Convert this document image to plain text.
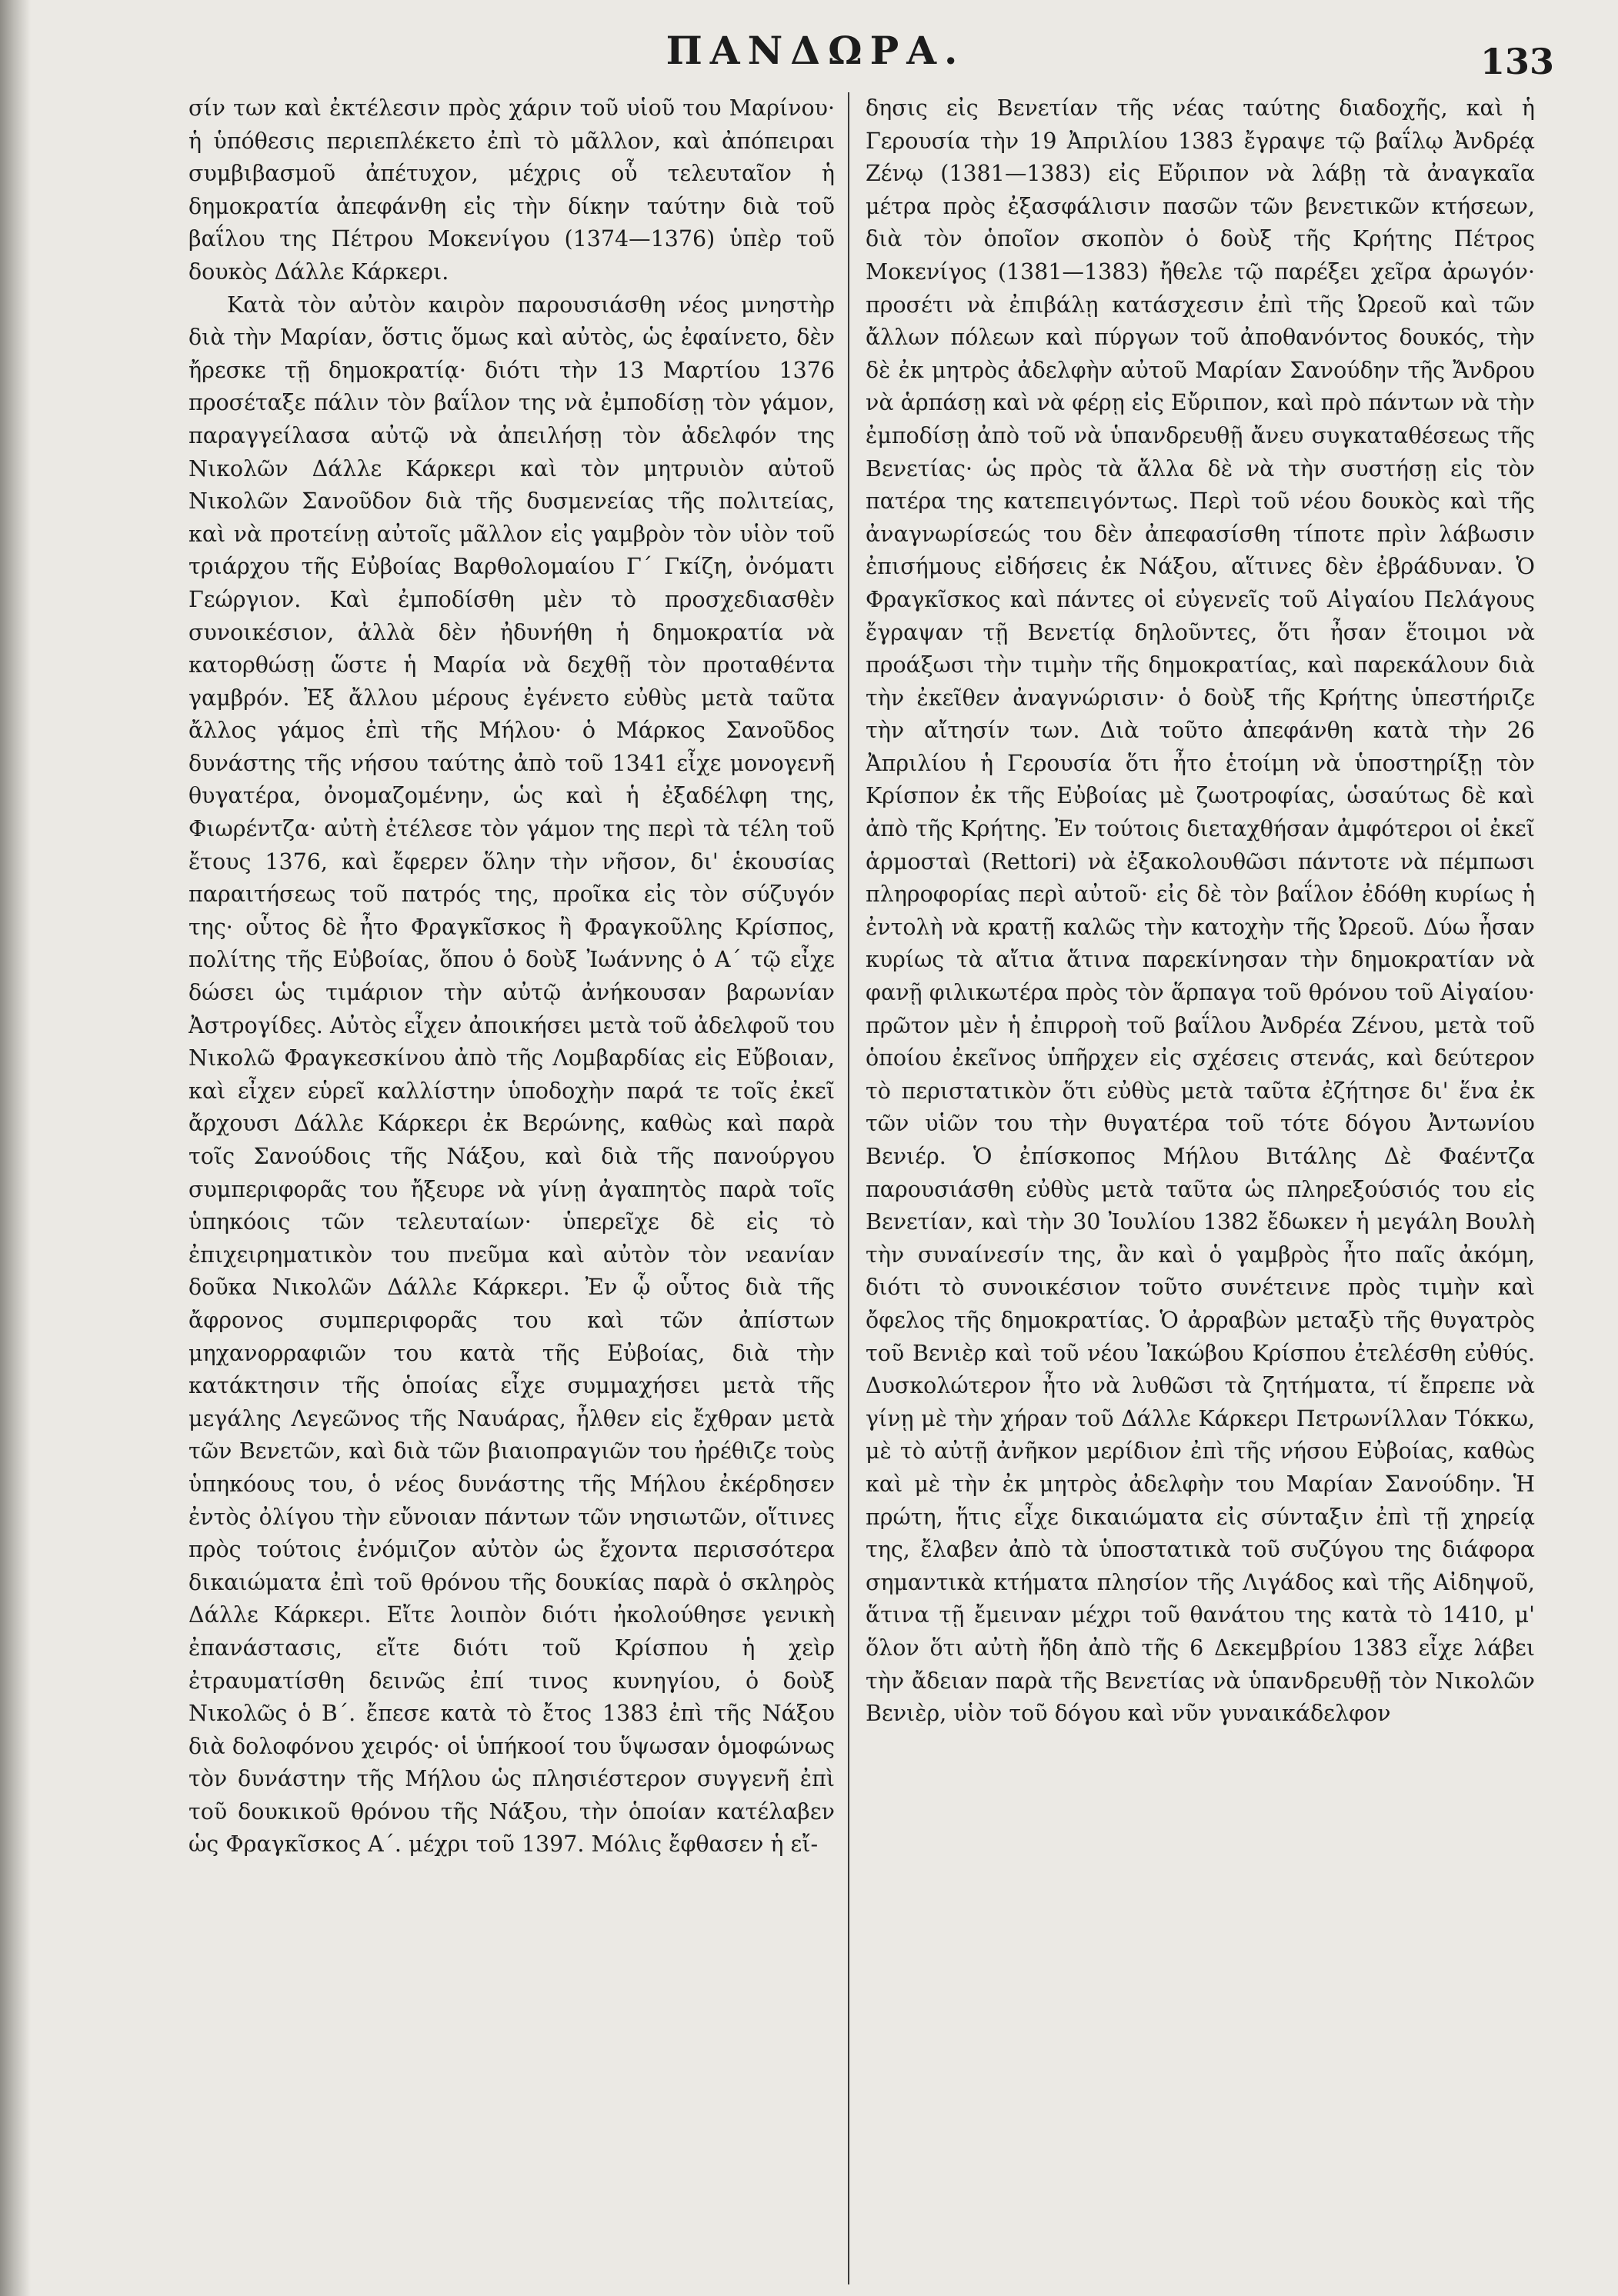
ΠΑΝΔΩΡΑ.	133

σίν των καὶ ἐκτέλεσιν πρὸς χάριν τοῦ υἱοῦ του Μαρίνου· ἡ ὑπόθεσις περιεπλέκετο ἐπὶ τὸ μᾶλλον, καὶ ἀπόπειραι συμβιβασμοῦ ἀπέτυχον, μέχρις οὗ τελευταῖον ἡ δημοκρατία ἀπεφάνθη εἰς τὴν δίκην ταύτην διὰ τοῦ βαΐλου της Πέτρου Μοκενίγου (1374—1376) ὑπὲρ τοῦ δουκὸς Δάλλε Κάρκερι.

Κατὰ τὸν αὐτὸν καιρὸν παρουσιάσθη νέος μνηστὴρ διὰ τὴν Μαρίαν, ὅστις ὅμως καὶ αὐτὸς, ὡς ἐφαίνετο, δὲν ἤρεσκε τῇ δημοκρατίᾳ· διότι τὴν 13 Μαρτίου 1376 προσέταξε πάλιν τὸν βαΐλον της νὰ ἐμποδίσῃ τὸν γάμον, παραγγείλασα αὐτῷ νὰ ἀπειλήσῃ τὸν ἀδελφόν της Νικολῶν Δάλλε Κάρκερι καὶ τὸν μητρυιὸν αὐτοῦ Νικολῶν Σανοῦδον διὰ τῆς δυσμενείας τῆς πολιτείας, καὶ νὰ προτείνῃ αὐτοῖς μᾶλλον εἰς γαμβρὸν τὸν υἱὸν τοῦ τριάρχου τῆς Εὐβοίας Βαρθολομαίου Γ΄ Γκίζη, ὀνόματι Γεώργιον. Καὶ ἐμποδίσθη μὲν τὸ προσχεδιασθὲν συνοικέσιον, ἀλλὰ δὲν ἠδυνήθη ἡ δημοκρατία νὰ κατορθώσῃ ὥστε ἡ Μαρία νὰ δεχθῇ τὸν προταθέντα γαμβρόν. Ἐξ ἄλλου μέρους ἐγένετο εὐθὺς μετὰ ταῦτα ἄλλος γάμος ἐπὶ τῆς Μήλου· ὁ Μάρκος Σανοῦδος δυνάστης τῆς νήσου ταύτης ἀπὸ τοῦ 1341 εἶχε μονογενῆ θυγατέρα, ὀνομαζομένην, ὡς καὶ ἡ ἐξαδέλφη της, Φιωρέντζα· αὐτὴ ἐτέλεσε τὸν γάμον της περὶ τὰ τέλη τοῦ ἔτους 1376, καὶ ἔφερεν ὅλην τὴν νῆσον, δι' ἑκουσίας παραιτήσεως τοῦ πατρός της, προῖκα εἰς τὸν σύζυγόν της· οὗτος δὲ ἦτο Φραγκῖσκος ἢ Φραγκοῦλης Κρίσπος, πολίτης τῆς Εὐβοίας, ὅπου ὁ δοὺξ Ἰωάννης ὁ Α΄ τῷ εἶχε δώσει ὡς τιμάριον τὴν αὐτῷ ἀνήκουσαν βαρωνίαν Ἀστρογίδες. Αὐτὸς εἶχεν ἀποικήσει μετὰ τοῦ ἀδελφοῦ του Νικολῶ Φραγκεσκίνου ἀπὸ τῆς Λομβαρδίας εἰς Εὔβοιαν, καὶ εἶχεν εὑρεῖ καλλίστην ὑποδοχὴν παρά τε τοῖς ἐκεῖ ἄρχουσι Δάλλε Κάρκερι ἐκ Βερώνης, καθὼς καὶ παρὰ τοῖς Σανούδοις τῆς Νάξου, καὶ διὰ τῆς πανούργου συμπεριφορᾶς του ἤξευρε νὰ γίνῃ ἀγαπητὸς παρὰ τοῖς ὑπηκόοις τῶν τελευταίων· ὑπερεῖχε δὲ εἰς τὸ ἐπιχειρηματικὸν του πνεῦμα καὶ αὐτὸν τὸν νεανίαν δοῦκα Νικολῶν Δάλλε Κάρκερι. Ἐν ᾧ οὗτος διὰ τῆς ἄφρονος συμπεριφορᾶς του καὶ τῶν ἀπίστων μηχανορραφιῶν του κατὰ τῆς Εὐβοίας, διὰ τὴν κατάκτησιν τῆς ὁποίας εἶχε συμμαχήσει μετὰ τῆς μεγάλης Λεγεῶνος τῆς Ναυάρας, ἦλθεν εἰς ἔχθραν μετὰ τῶν Βενετῶν, καὶ διὰ τῶν βιαιοπραγιῶν του ἠρέθιζε τοὺς ὑπηκόους του, ὁ νέος δυνάστης τῆς Μήλου ἐκέρδησεν ἐντὸς ὀλίγου τὴν εὔνοιαν πάντων τῶν νησιωτῶν, οἵτινες πρὸς τούτοις ἐνόμιζον αὐτὸν ὡς ἔχοντα περισσότερα δικαιώματα ἐπὶ τοῦ θρόνου τῆς δουκίας παρὰ ὁ σκληρὸς Δάλλε Κάρκερι. Εἴτε λοιπὸν διότι ἠκολούθησε γενικὴ ἐπανάστασις, εἴτε διότι τοῦ Κρίσπου ἡ χεὶρ ἐτραυματίσθη δεινῶς ἐπί τινος κυνηγίου, ὁ δοὺξ Νικολῶς ὁ Β΄. ἔπεσε κατὰ τὸ ἔτος 1383 ἐπὶ τῆς Νάξου διὰ δολοφόνου χειρός· οἱ ὑπήκοοί του ὕψωσαν ὁμοφώνως τὸν δυνάστην τῆς Μήλου ὡς πλησιέστερον συγγενῆ ἐπὶ τοῦ δουκικοῦ θρόνου τῆς Νάξου, τὴν ὁποίαν κατέλαβεν ὡς Φραγκῖσκος Α΄. μέχρι τοῦ 1397. Μόλις ἔφθασεν ἡ εἴ-

δησις εἰς Βενετίαν τῆς νέας ταύτης διαδοχῆς, καὶ ἡ Γερουσία τὴν 19 Ἀπριλίου 1383 ἔγραψε τῷ βαΐλῳ Ἀνδρέᾳ Ζένῳ (1381—1383) εἰς Εὔριπον νὰ λάβῃ τὰ ἀναγκαῖα μέτρα πρὸς ἐξασφάλισιν πασῶν τῶν βενετικῶν κτήσεων, διὰ τὸν ὁποῖον σκοπὸν ὁ δοὺξ τῆς Κρήτης Πέτρος Μοκενίγος (1381—1383) ἤθελε τῷ παρέξει χεῖρα ἀρωγόν· προσέτι νὰ ἐπιβάλῃ κατάσχεσιν ἐπὶ τῆς Ὠρεοῦ καὶ τῶν ἄλλων πόλεων καὶ πύργων τοῦ ἀποθανόντος δουκός, τὴν δὲ ἐκ μητρὸς ἀδελφὴν αὐτοῦ Μαρίαν Σανούδην τῆς Ἄνδρου νὰ ἁρπάσῃ καὶ νὰ φέρῃ εἰς Εὔριπον, καὶ πρὸ πάντων νὰ τὴν ἐμποδίσῃ ἀπὸ τοῦ νὰ ὑπανδρευθῇ ἄνευ συγκαταθέσεως τῆς Βενετίας· ὡς πρὸς τὰ ἄλλα δὲ νὰ τὴν συστήσῃ εἰς τὸν πατέρα της κατεπειγόντως. Περὶ τοῦ νέου δουκὸς καὶ τῆς ἀναγνωρίσεώς του δὲν ἀπεφασίσθη τίποτε πρὶν λάβωσιν ἐπισήμους εἰδήσεις ἐκ Νάξου, αἵτινες δὲν ἐβράδυναν. Ὁ Φραγκῖσκος καὶ πάντες οἱ εὐγενεῖς τοῦ Αἰγαίου Πελάγους ἔγραψαν τῇ Βενετίᾳ δηλοῦντες, ὅτι ἦσαν ἕτοιμοι νὰ προάξωσι τὴν τιμὴν τῆς δημοκρατίας, καὶ παρεκάλουν διὰ τὴν ἐκεῖθεν ἀναγνώρισιν· ὁ δοὺξ τῆς Κρήτης ὑπεστήριζε τὴν αἴτησίν των. Διὰ τοῦτο ἀπεφάνθη κατὰ τὴν 26 Ἀπριλίου ἡ Γερουσία ὅτι ἦτο ἑτοίμη νὰ ὑποστηρίξῃ τὸν Κρίσπον ἐκ τῆς Εὐβοίας μὲ ζωοτροφίας, ὡσαύτως δὲ καὶ ἀπὸ τῆς Κρήτης. Ἐν τούτοις διεταχθήσαν ἀμφότεροι οἱ ἐκεῖ ἁρμοσταὶ (Rettori) νὰ ἐξακολουθῶσι πάντοτε νὰ πέμπωσι πληροφορίας περὶ αὐτοῦ· εἰς δὲ τὸν βαΐλον ἐδόθη κυρίως ἡ ἐντολὴ νὰ κρατῇ καλῶς τὴν κατοχὴν τῆς Ὠρεοῦ. Δύω ἦσαν κυρίως τὰ αἴτια ἅτινα παρεκίνησαν τὴν δημοκρατίαν νὰ φανῇ φιλικωτέρα πρὸς τὸν ἅρπαγα τοῦ θρόνου τοῦ Αἰγαίου· πρῶτον μὲν ἡ ἐπιρροὴ τοῦ βαΐλου Ἀνδρέα Ζένου, μετὰ τοῦ ὁποίου ἐκεῖνος ὑπῆρχεν εἰς σχέσεις στενάς, καὶ δεύτερον τὸ περιστατικὸν ὅτι εὐθὺς μετὰ ταῦτα ἐζήτησε δι' ἕνα ἐκ τῶν υἱῶν του τὴν θυγατέρα τοῦ τότε δόγου Ἀντωνίου Βενιέρ. Ὁ ἐπίσκοπος Μήλου Βιτάλης Δὲ Φαέντζα παρουσιάσθη εὐθὺς μετὰ ταῦτα ὡς πληρεξούσιός του εἰς Βενετίαν, καὶ τὴν 30 Ἰουλίου 1382 ἔδωκεν ἡ μεγάλη Βουλὴ τὴν συναίνεσίν της, ἂν καὶ ὁ γαμβρὸς ἦτο παῖς ἀκόμη, διότι τὸ συνοικέσιον τοῦτο συνέτεινε πρὸς τιμὴν καὶ ὄφελος τῆς δημοκρατίας. Ὁ ἀρραβὼν μεταξὺ τῆς θυγατρὸς τοῦ Βενιὲρ καὶ τοῦ νέου Ἰακώβου Κρίσπου ἐτελέσθη εὐθύς. Δυσκολώτερον ἦτο νὰ λυθῶσι τὰ ζητήματα, τί ἔπρεπε νὰ γίνῃ μὲ τὴν χήραν τοῦ Δάλλε Κάρκερι Πετρωνίλλαν Τόκκω, μὲ τὸ αὐτῇ ἀνῆκον μερίδιον ἐπὶ τῆς νήσου Εὐβοίας, καθὼς καὶ μὲ τὴν ἐκ μητρὸς ἀδελφὴν του Μαρίαν Σανούδην. Ἡ πρώτη, ἥτις εἶχε δικαιώματα εἰς σύνταξιν ἐπὶ τῇ χηρείᾳ της, ἔλαβεν ἀπὸ τὰ ὑποστατικὰ τοῦ συζύγου της διάφορα σημαντικὰ κτήματα πλησίον τῆς Λιγάδος καὶ τῆς Αἰδηψοῦ, ἅτινα τῇ ἔμειναν μέχρι τοῦ θανάτου της κατὰ τὸ 1410, μ' ὅλον ὅτι αὐτὴ ἤδη ἀπὸ τῆς 6 Δεκεμβρίου 1383 εἶχε λάβει τὴν ἄδειαν παρὰ τῆς Βενετίας νὰ ὑπανδρευθῇ τὸν Νικολῶν Βενιὲρ, υἱὸν τοῦ δόγου καὶ νῦν γυναικάδελφον
